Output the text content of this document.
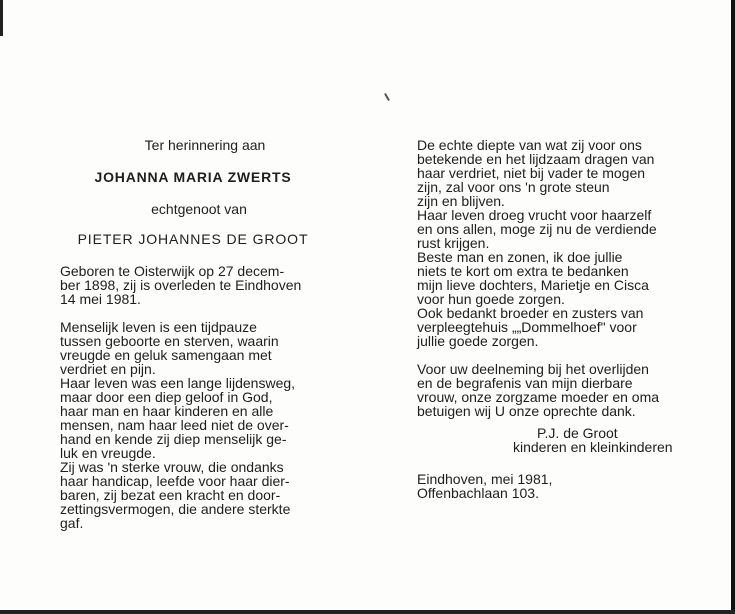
Ter herinnering aan
JOHANNA MARIA ZWERTS
echtgenoot van
PIETER JOHANNES DE GROOT

Geboren te Oisterwijk op 27 decem-

ber 1898, zij is overleden te Eindhoven

14 mei 1981.

Menselijk leven is een tijdpauze

tussen geboorte en sterven, waarin

vreugde en geluk samengaan met

verdriet en pijn.

Haar leven was een lange lijdensweg,

maar door een diep geloof in God,

haar man en haar kinderen en alle

mensen, nam haar leed niet de over-

hand en kende zij diep menselijk ge-

luk en vreugde.

Zij was 'n sterke vrouw, die ondanks

haar handicap, leefde voor haar dier-

baren, zij bezat een kracht en door-

zettingsvermogen, die andere sterkte

gaf.

De echte diepte van wat zij voor ons

betekende en het lijdzaam dragen van

haar verdriet, niet bij vader te mogen

zijn, zal voor ons 'n grote steun

zijn en blijven.

Haar leven droeg vrucht voor haarzelf

en ons allen, moge zij nu de verdiende

rust krijgen.

Beste man en zonen, ik doe jullie

niets te kort om extra te bedanken

mijn lieve dochters, Marietje en Cisca

voor hun goede zorgen.

Ook bedankt broeder en zusters van

verpleegtehuis „„Dommelhoef" voor

jullie goede zorgen.

Voor uw deelneming bij het overlijden

en de begrafenis van mijn dierbare

vrouw, onze zorgzame moeder en oma

betuigen wij U onze oprechte dank.

P.J. de Groot
kinderen en kleinkinderen
Eindhoven, mei 1981,
Offenbachlaan 103.
